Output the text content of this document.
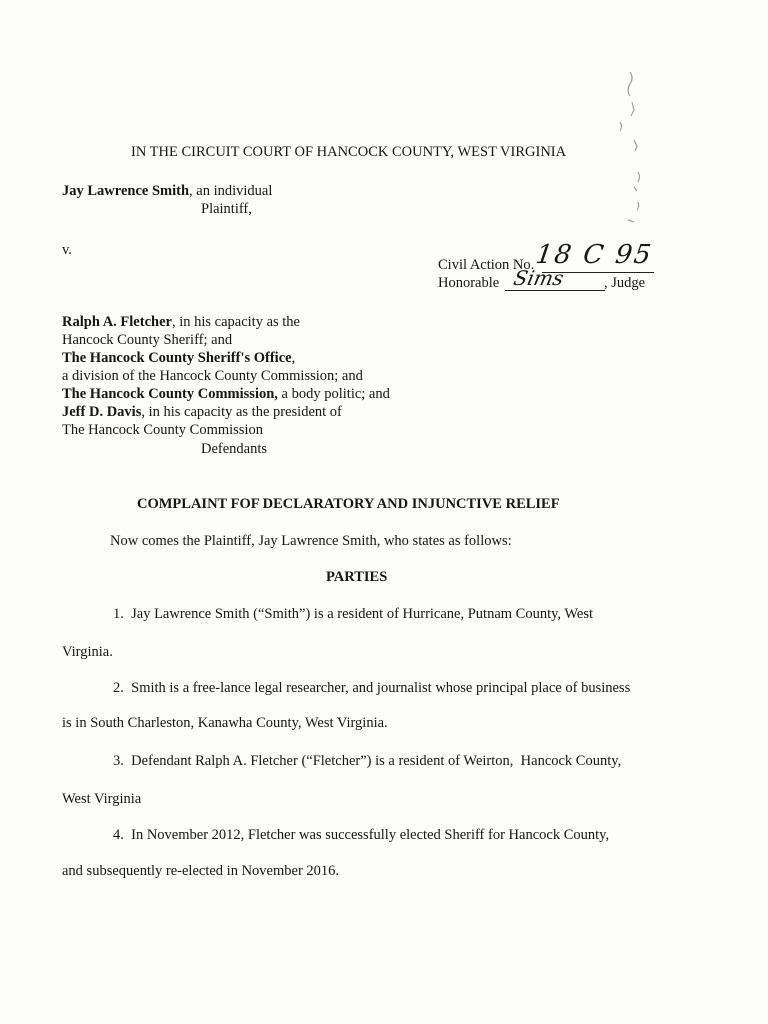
IN THE CIRCUIT COURT OF HANCOCK COUNTY, WEST VIRGINIA
Jay Lawrence Smith, an individual
Plaintiff,
v.
Civil Action No. 18 C 95
Honorable Sims	, Judge
Ralph A. Fletcher, in his capacity as the
Hancock County Sheriff; and
The Hancock County Sheriff's Office,
a division of the Hancock County Commission; and
The Hancock County Commission, a body politic; and
Jeff D. Davis, in his capacity as the president of
The Hancock County Commission
Defendants
COMPLAINT FOF DECLARATORY AND INJUNCTIVE RELIEF
Now comes the Plaintiff, Jay Lawrence Smith, who states as follows:
PARTIES
1.  Jay Lawrence Smith (“Smith”) is a resident of Hurricane, Putnam County, West
Virginia.
2.  Smith is a free-lance legal researcher, and journalist whose principal place of business
is in South Charleston, Kanawha County, West Virginia.
3.  Defendant Ralph A. Fletcher (“Fletcher”) is a resident of Weirton,  Hancock County,
West Virginia
4.  In November 2012, Fletcher was successfully elected Sheriff for Hancock County,
and subsequently re-elected in November 2016.
